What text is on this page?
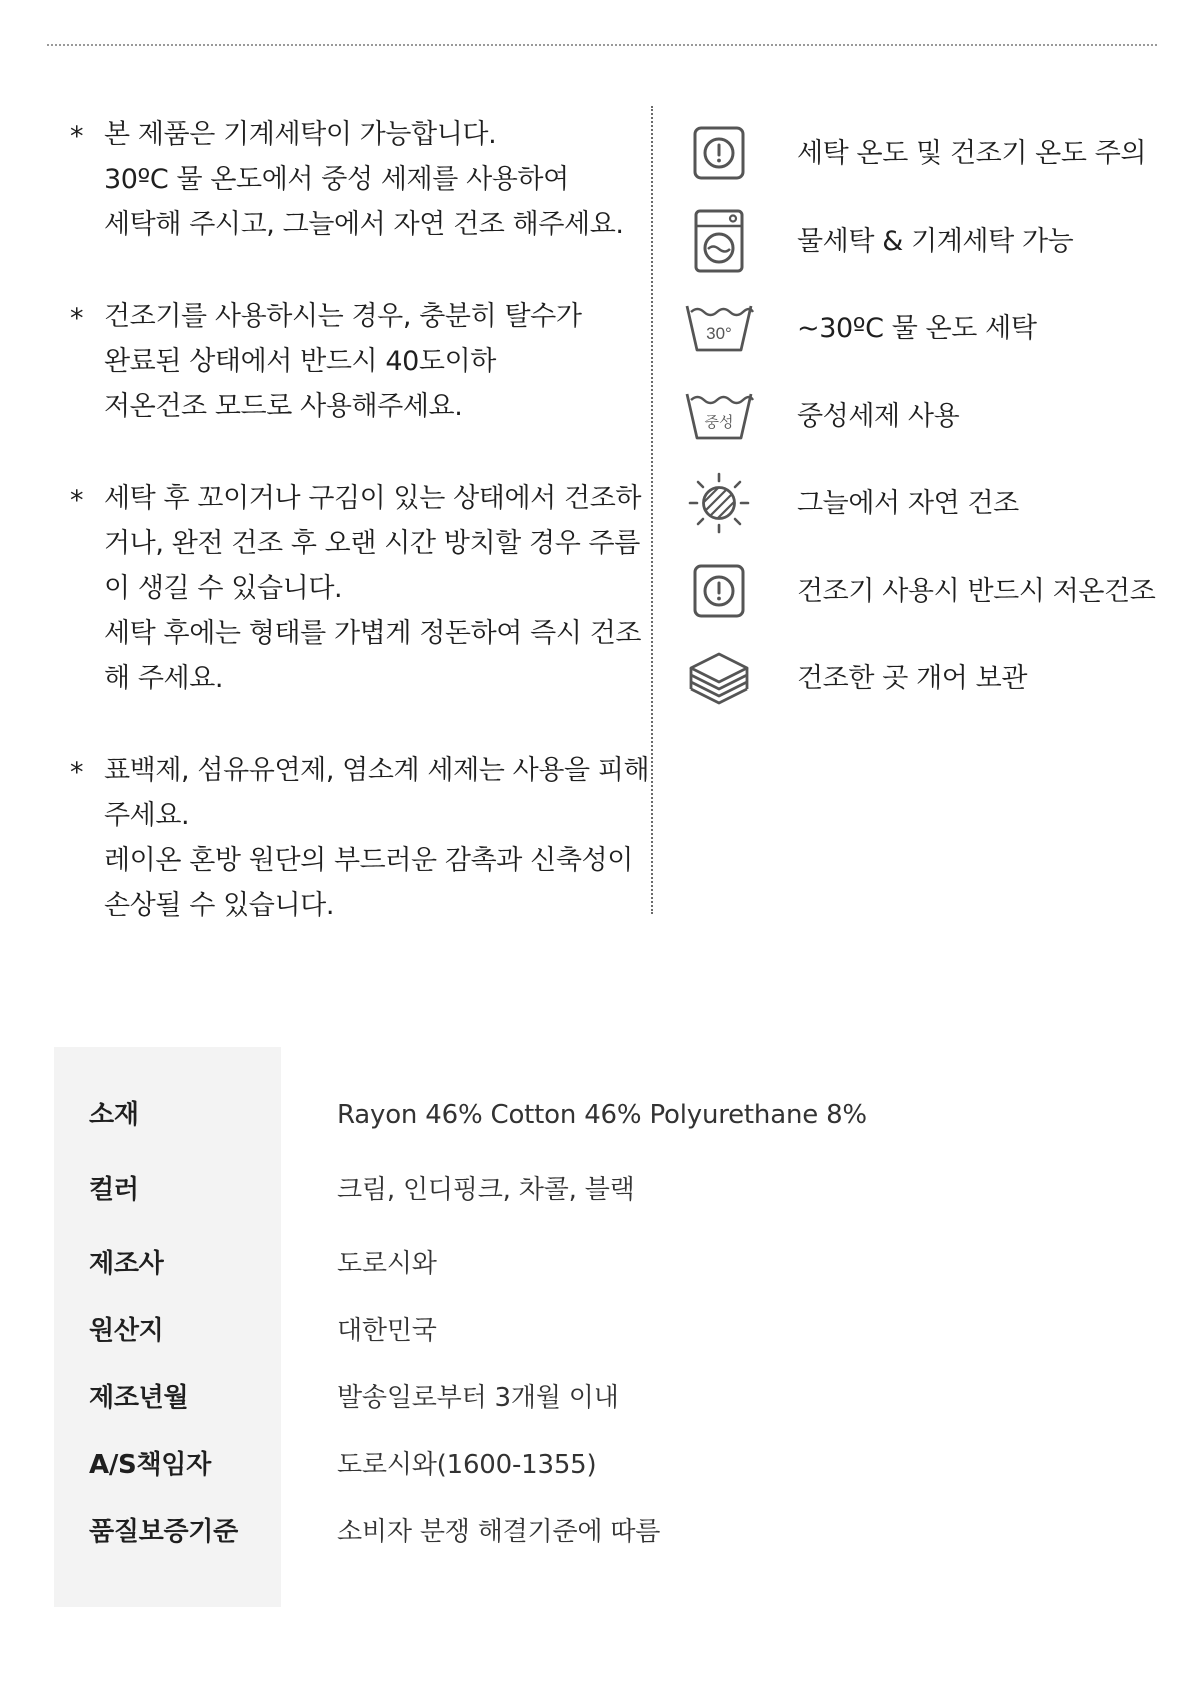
* 본 제품은 기계세탁이 가능합니다.
30ºC 물 온도에서 중성 세제를 사용하여
세탁해 주시고, 그늘에서 자연 건조 해주세요.
* 건조기를 사용하시는 경우, 충분히 탈수가
완료된 상태에서 반드시 40도이하
저온건조 모드로 사용해주세요.
* 세탁 후 꼬이거나 구김이 있는 상태에서 건조하
거나, 완전 건조 후 오랜 시간 방치할 경우 주름
이 생길 수 있습니다.
세탁 후에는 형태를 가볍게 정돈하여 즉시 건조
해 주세요.
* 표백제, 섬유유연제, 염소계 세제는 사용을 피해
주세요.
레이온 혼방 원단의 부드러운 감촉과 신축성이
손상될 수 있습니다.
세탁 온도 및 건조기 온도 주의
물세탁 & 기계세탁 가능
30° ~30ºC 물 온도 세탁
중성 중성세제 사용
그늘에서 자연 건조
건조기 사용시 반드시 저온건조
건조한 곳 개어 보관
소재	Rayon 46% Cotton 46% Polyurethane 8%
컬러	크림, 인디핑크, 차콜, 블랙
제조사	도로시와
원산지	대한민국
제조년월	발송일로부터 3개월 이내
A/S책임자	도로시와(1600-1355)
품질보증기준	소비자 분쟁 해결기준에 따름
